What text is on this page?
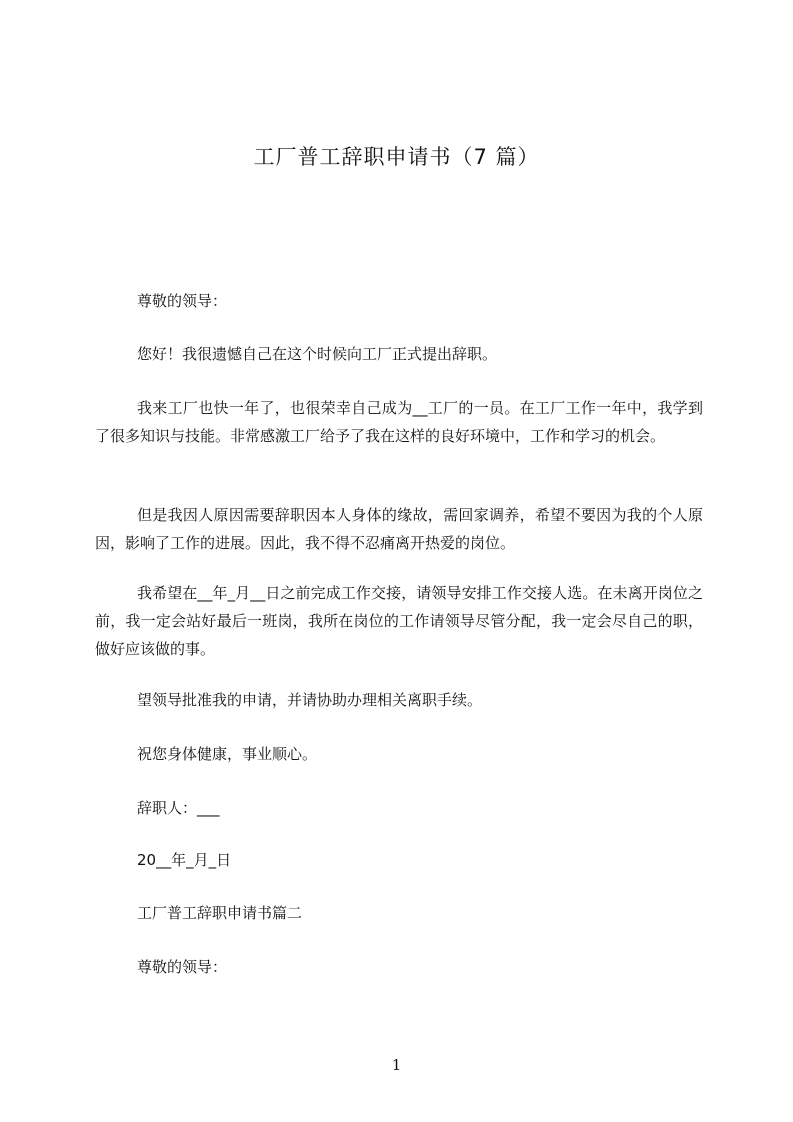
工厂普工辞职申请书（7 篇）

尊敬的领导：

您好！我很遗憾自己在这个时候向工厂正式提出辞职。

我来工厂也快一年了，也很荣幸自己成为__工厂的一员。在工厂工作一年中，我学到了很多知识与技能。非常感激工厂给予了我在这样的良好环境中，工作和学习的机会。

但是我因人原因需要辞职因本人身体的缘故，需回家调养，希望不要因为我的个人原因，影响了工作的进展。因此，我不得不忍痛离开热爱的岗位。

我希望在__年_月__日之前完成工作交接，请领导安排工作交接人选。在未离开岗位之前，我一定会站好最后一班岗，我所在岗位的工作请领导尽管分配，我一定会尽自己的职，做好应该做的事。

望领导批准我的申请，并请协助办理相关离职手续。

祝您身体健康，事业顺心。

辞职人：___

20__年_月_日

工厂普工辞职申请书篇二

尊敬的领导：

1
